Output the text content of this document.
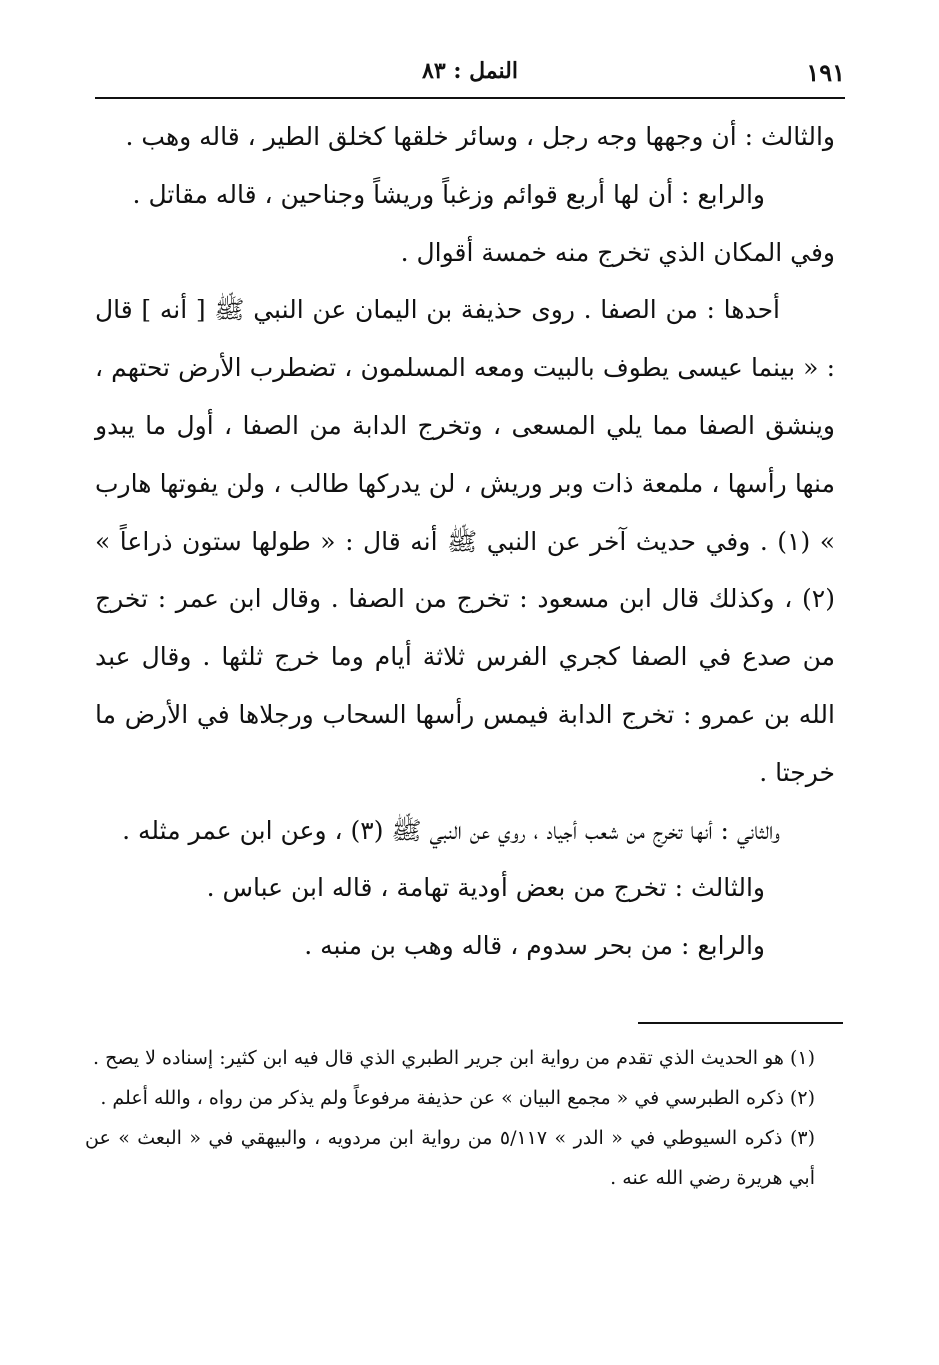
١٩١
النمل : ٨٣

والثالث : أن وجهها وجه رجل ، وسائر خلقها كخلق الطير ، قاله وهب .

والرابع : أن لها أربع قوائم وزغباً وريشاً وجناحين ، قاله مقاتل .

وفي المكان الذي تخرج منه خمسة أقوال .

أحدها : من الصفا . روى حذيفة بن اليمان عن النبي ﷺ [ أنه ] قال : « بينما عيسى يطوف بالبيت ومعه المسلمون ، تضطرب الأرض تحتهم ، وينشق الصفا مما يلي المسعى ، وتخرج الدابة من الصفا ، أول ما يبدو منها رأسها ، ملمعة ذات وبر وريش ، لن يدركها طالب ، ولن يفوتها هارب » (١) . وفي حديث آخر عن النبي ﷺ أنه قال : « طولها ستون ذراعاً » (٢) ، وكذلك قال ابن مسعود : تخرج من الصفا . وقال ابن عمر : تخرج من صدع في الصفا كجري الفرس ثلاثة أيام وما خرج ثلثها . وقال عبد الله بن عمرو : تخرج الدابة فيمس رأسها السحاب ورجلاها في الأرض ما خرجتا .

والثاني : أنها تخرج من شعب أجياد ، روي عن النبي ﷺ (٣) ، وعن ابن عمر مثله .

والثالث : تخرج من بعض أودية تهامة ، قاله ابن عباس .

والرابع : من بحر سدوم ، قاله وهب بن منبه .

(١) هو الحديث الذي تقدم من رواية ابن جرير الطبري الذي قال فيه ابن كثير: إسناده لا يصح .

(٢) ذكره الطبرسي في « مجمع البيان » عن حذيفة مرفوعاً ولم يذكر من رواه ، والله أعلم .

(٣) ذكره السيوطي في « الدر » ٥/١١٧ من رواية ابن مردويه ، والبيهقي في « البعث » عن أبي هريرة رضي الله عنه .
